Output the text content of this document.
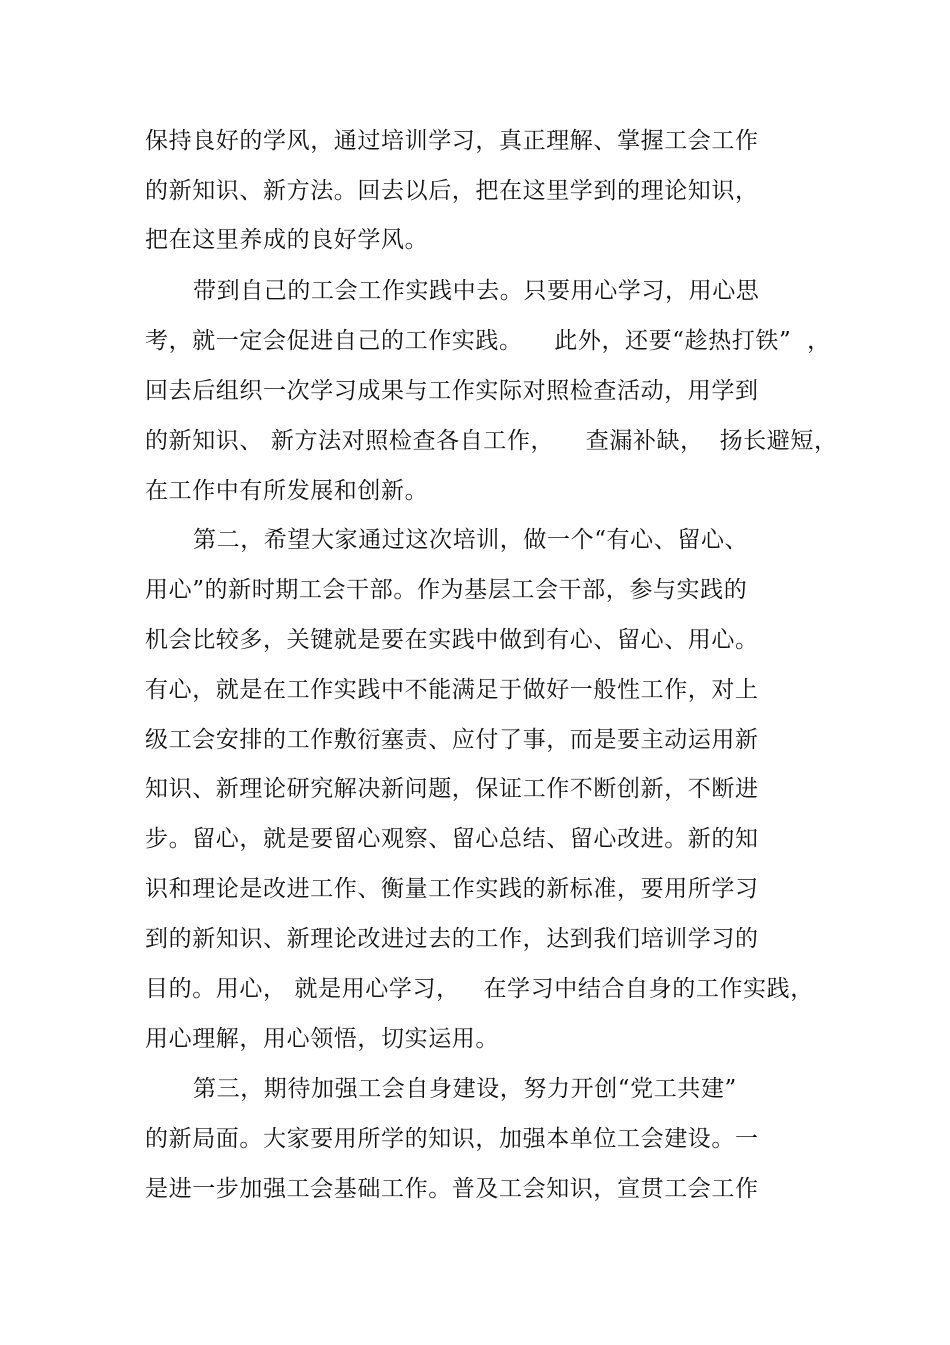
保持良好的学风，通过培训学习，真正理解、掌握工会工作

的新知识、新方法。回去以后，把在这里学到的理论知识，

把在这里养成的良好学风。

带到自己的工会工作实践中去。只要用心学习，用心思

考，就一定会促进自己的工作实践。    此外，还要“趁热打铁”  ，

回去后组织一次学习成果与工作实际对照检查活动，用学到

的新知识、 新方法对照检查各自工作，    查漏补缺，  扬长避短，

在工作中有所发展和创新。

第二，希望大家通过这次培训，做一个“有心、留心、

用心”的新时期工会干部。作为基层工会干部，参与实践的

机会比较多，关键就是要在实践中做到有心、留心、用心。

有心，就是在工作实践中不能满足于做好一般性工作，对上

级工会安排的工作敷衍塞责、应付了事，而是要主动运用新

知识、新理论研究解决新问题，保证工作不断创新，不断进

步。留心，就是要留心观察、留心总结、留心改进。新的知

识和理论是改进工作、衡量工作实践的新标准，要用所学习

到的新知识、新理论改进过去的工作，达到我们培训学习的

目的。用心， 就是用心学习，   在学习中结合自身的工作实践，

用心理解，用心领悟，切实运用。

第三，期待加强工会自身建设，努力开创“党工共建”

的新局面。大家要用所学的知识，加强本单位工会建设。一

是进一步加强工会基础工作。普及工会知识，宣贯工会工作
